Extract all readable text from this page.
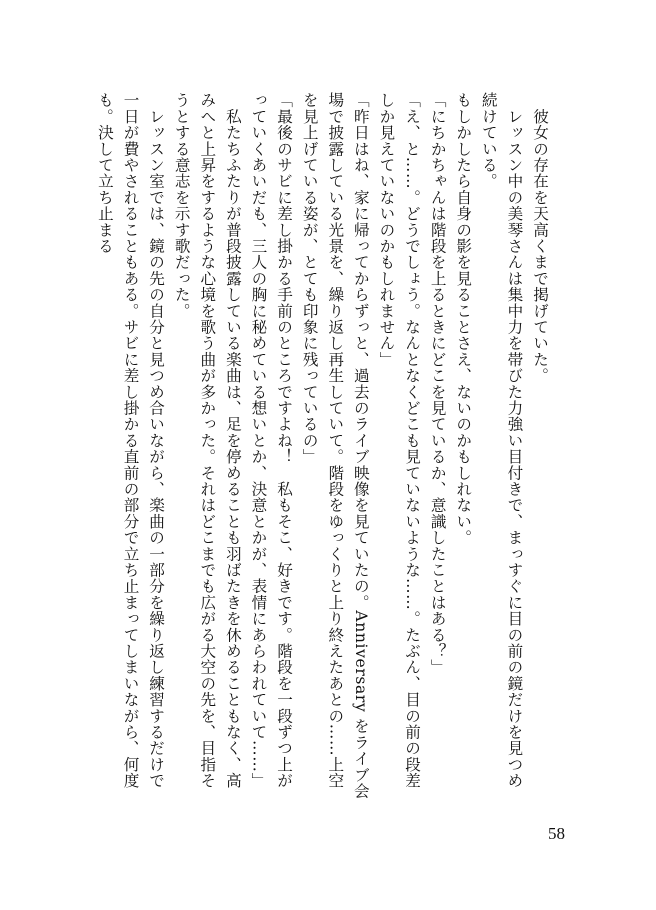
　彼女の存在を天高くまで掲げていた。

　レッスン中の美琴さんは集中力を帯びた力強い目付きで、まっすぐに目の前の鏡だけを見つめ続けている。

もしかしたら自身の影を見ることさえ、ないのかもしれない。

「にちかちゃんは階段を上るときにどこを見ているか、意識したことはある？」

「え、と……。どうでしょう。なんとなくどこも見ていないような……。たぶん、目の前の段差しか見えていないのかもしれません」

「昨日はね、家に帰ってからずっと、過去のライブ映像を見ていたの。Anniversary をライブ会場で披露している光景を、繰り返し再生していて。階段をゆっくりと上り終えたあとの……上空を見上げている姿が、とても印象に残っているの」

「最後のサビに差し掛かる手前のところですよね！　私もそこ、好きです。階段を一段ずつ上がっていくあいだも、三人の胸に秘めている想いとか、決意とかが、表情にあらわれていて……」

　私たちふたりが普段披露している楽曲は、足を停めることも羽ばたきを休めることもなく、高みへと上昇をするような心境を歌う曲が多かった。それはどこまでも広がる大空の先を、目指そうとする意志を示す歌だった。

　レッスン室では、鏡の先の自分と見つめ合いながら、楽曲の一部分を繰り返し練習するだけで一日が費やされることもある。サビに差し掛かる直前の部分で立ち止まってしまいながら、何度も。決して立ち止まる

58
